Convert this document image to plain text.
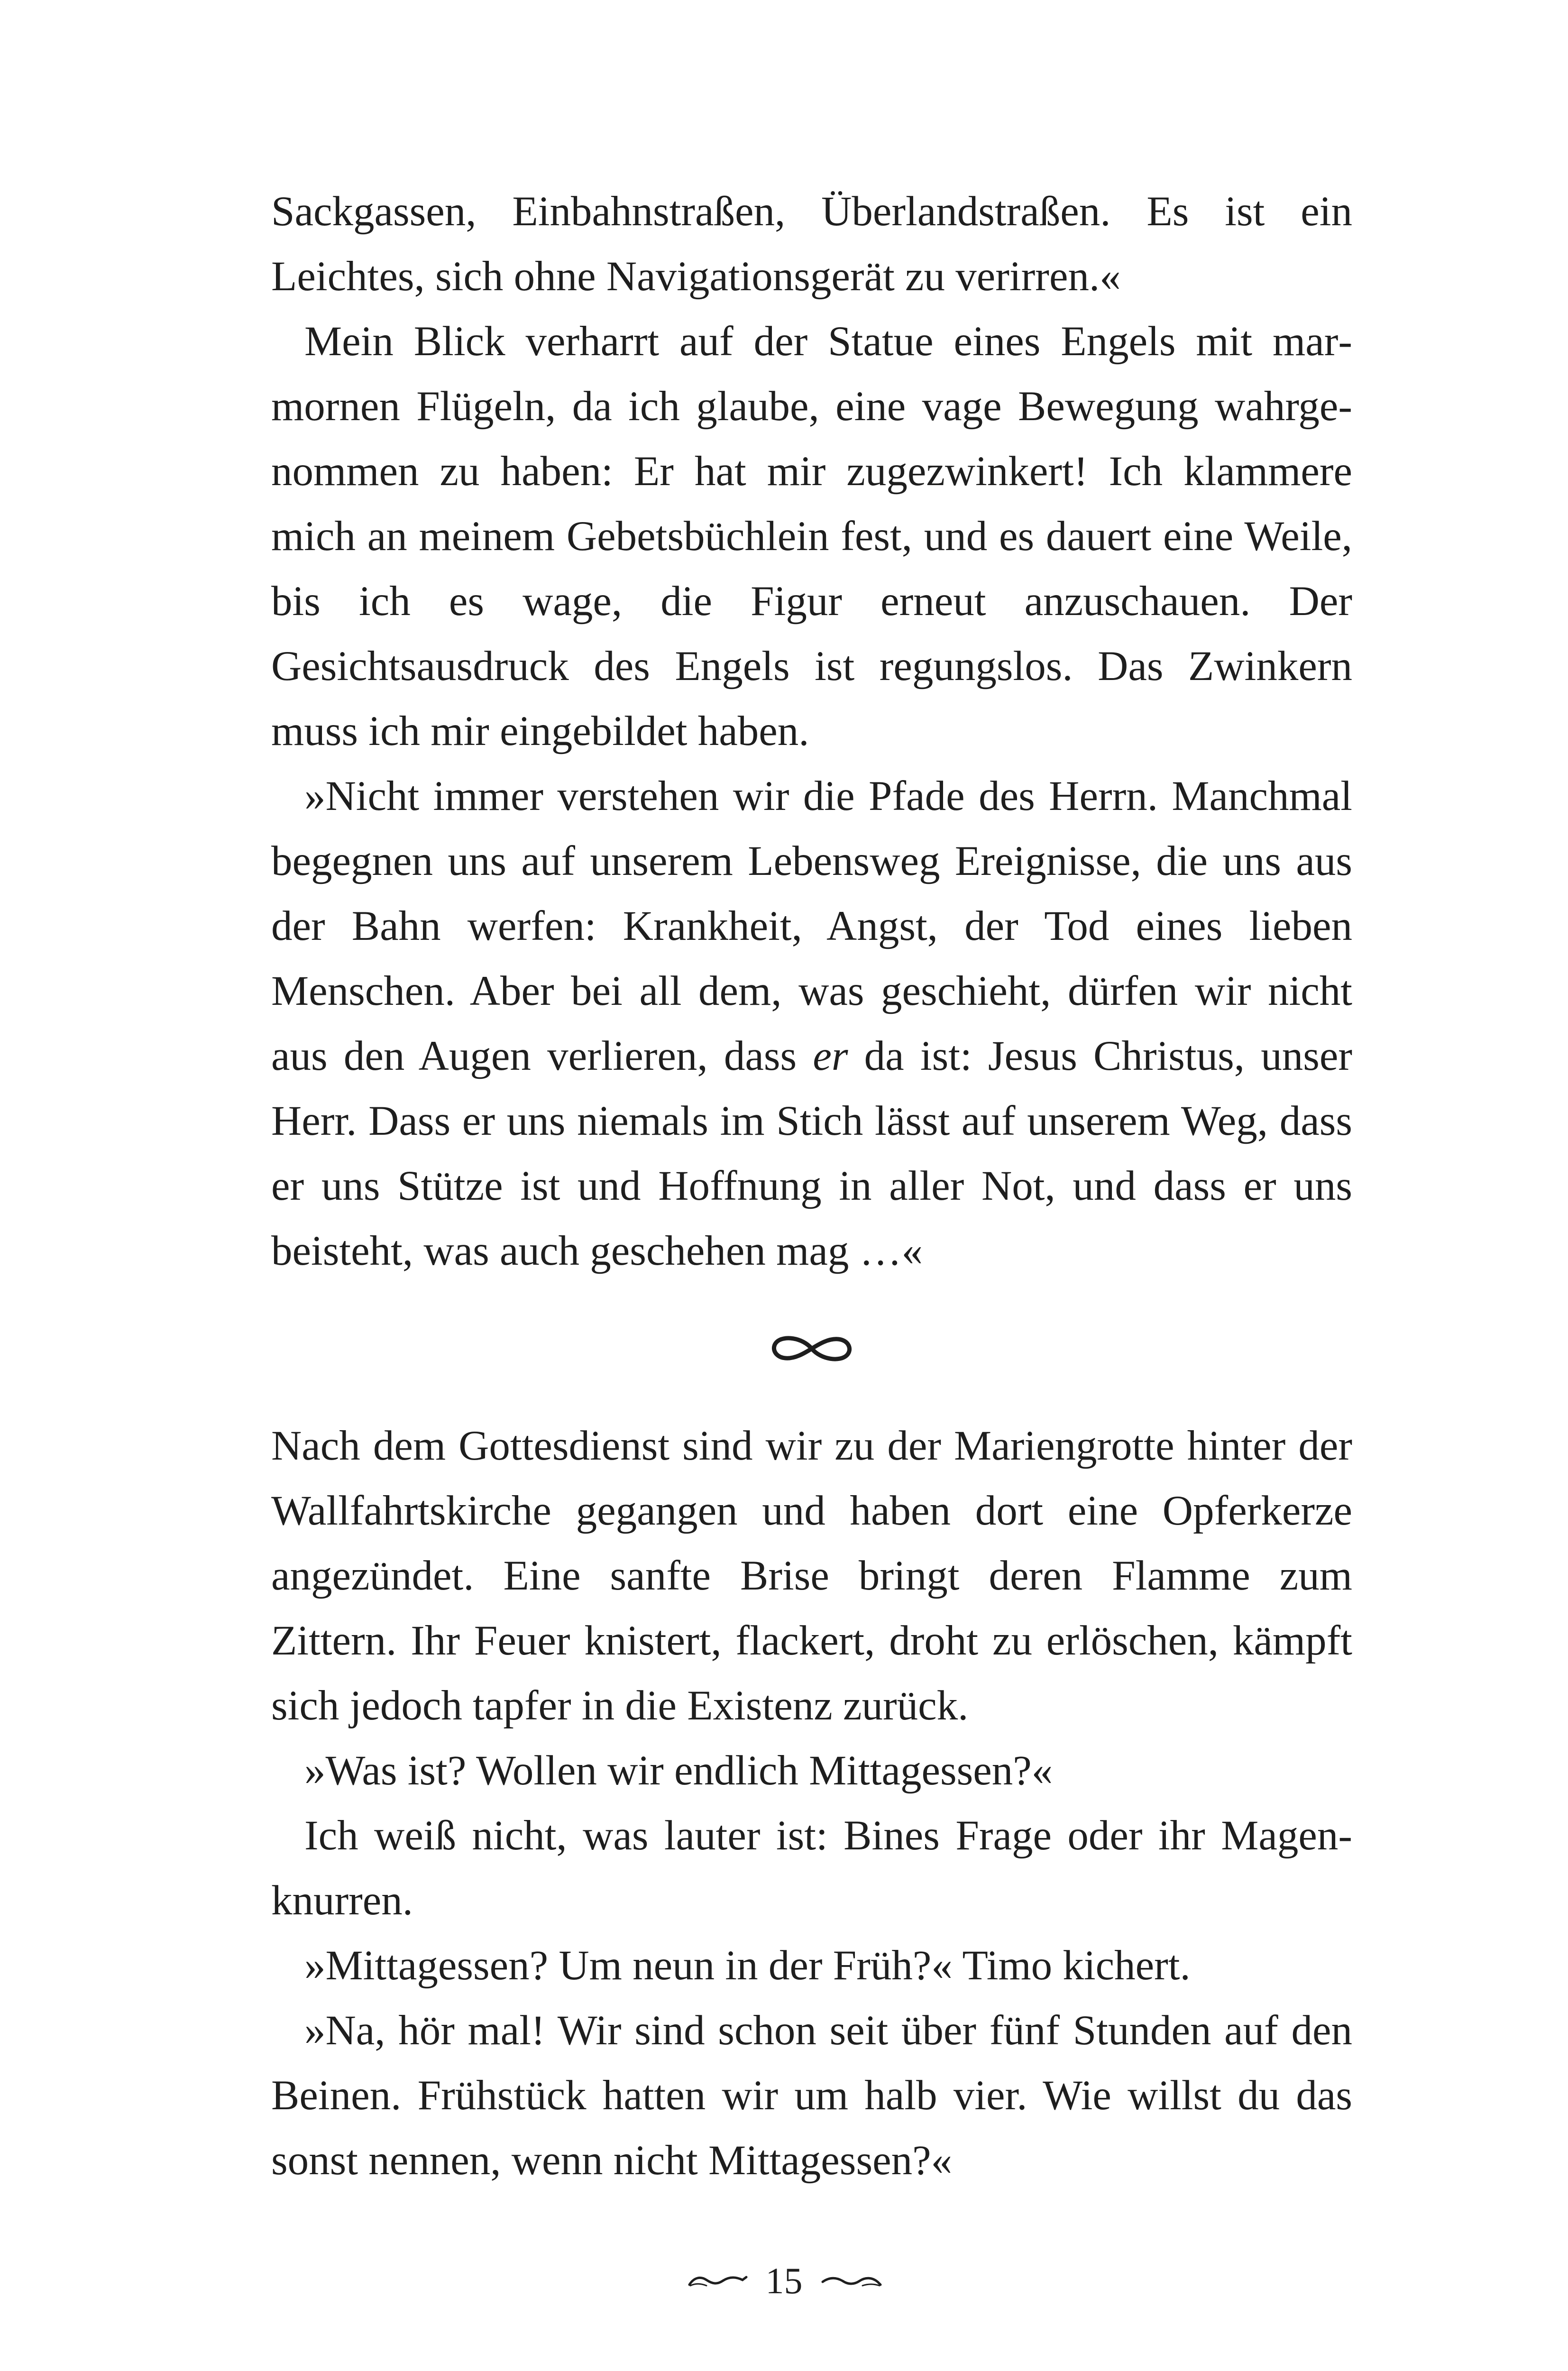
Sackgassen, Einbahnstraßen, Überlandstraßen. Es ist ein Leichtes, sich ohne Navigationsgerät zu verirren.«

Mein Blick verharrt auf der Statue eines Engels mit marmornen Flügeln, da ich glaube, eine vage Bewegung wahrgenommen zu haben: Er hat mir zugezwinkert! Ich klammere mich an meinem Gebetsbüchlein fest, und es dauert eine Weile, bis ich es wage, die Figur erneut anzuschauen. Der Gesichtsausdruck des Engels ist regungslos. Das Zwinkern muss ich mir eingebildet haben.

»Nicht immer verstehen wir die Pfade des Herrn. Manchmal begegnen uns auf unserem Lebensweg Ereignisse, die uns aus der Bahn werfen: Krankheit, Angst, der Tod eines lieben Menschen. Aber bei all dem, was geschieht, dürfen wir nicht aus den Augen verlieren, dass er da ist: Jesus Christus, unser Herr. Dass er uns niemals im Stich lässt auf unserem Weg, dass er uns Stütze ist und Hoffnung in aller Not, und dass er uns beisteht, was auch geschehen mag …«

Nach dem Gottesdienst sind wir zu der Mariengrotte hinter der Wallfahrtskirche gegangen und haben dort eine Opferkerze angezündet. Eine sanfte Brise bringt deren Flamme zum Zittern. Ihr Feuer knistert, flackert, droht zu erlöschen, kämpft sich jedoch tapfer in die Existenz zurück.

»Was ist? Wollen wir endlich Mittagessen?«

Ich weiß nicht, was lauter ist: Bines Frage oder ihr Magenknurren.

»Mittagessen? Um neun in der Früh?« Timo kichert.

»Na, hör mal! Wir sind schon seit über fünf Stunden auf den Beinen. Frühstück hatten wir um halb vier. Wie willst du das sonst nennen, wenn nicht Mittagessen?«

15
